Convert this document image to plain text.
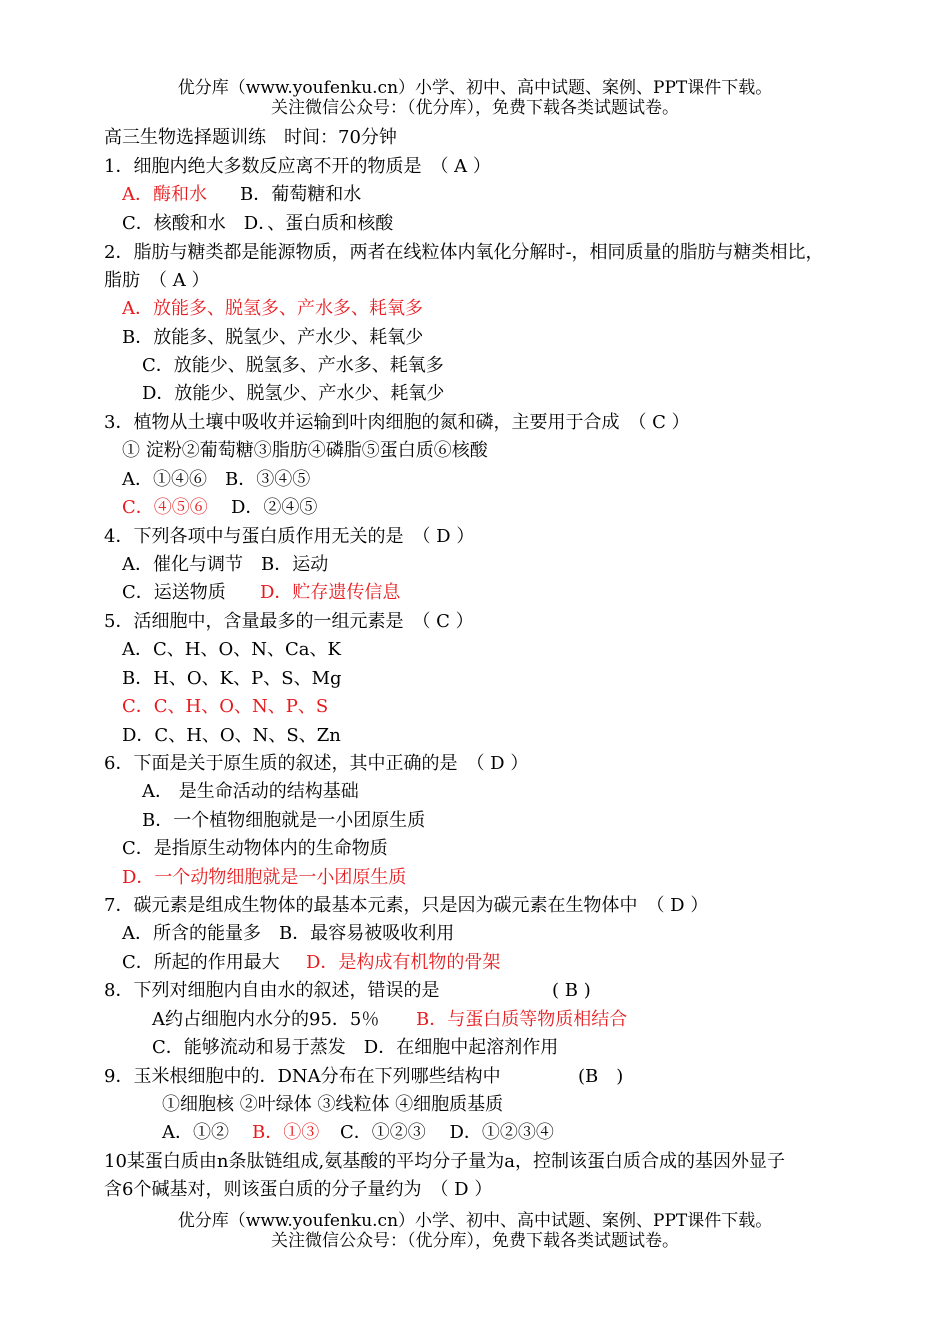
优分库（www.youfenku.cn）小学、初中、高中试题、案例、PPT课件下载。
关注微信公众号：（优分库），免费下载各类试题试卷。
高三生物选择题训练　时间：70分钟
1．细胞内绝大多数反应离不开的物质是　（ A ）
A．酶和水 B．葡萄糖和水
C．核酸和水　D．、蛋白质和核酸
2．脂肪与糖类都是能源物质，两者在线粒体内氧化分解时-，相同质量的脂肪与糖类相比，
脂肪　（ A ）
A．放能多、脱氢多、产水多、耗氧多
B．放能多、脱氢少、产水少、耗氧少
C．放能少、脱氢多、产水多、耗氧多
D．放能少、脱氢少、产水少、耗氧少
3．植物从土壤中吸收并运输到叶肉细胞的氮和磷，主要用于合成　（ C ）
① 淀粉②葡萄糖③脂肪④磷脂⑤蛋白质⑥核酸
A．①④⑥　B．③④⑤
C．④⑤⑥ D．②④⑤
4．下列各项中与蛋白质作用无关的是　（ D ）
A．催化与调节　B．运动
C．运送物质 D．贮存遗传信息
5．活细胞中，含量最多的一组元素是　（ C ）
A．C、H、O、N、Ca、K
B．H、O、K、P、S、Mg
C．C、H、O、N、P、S
D．C、H、O、N、S、Zn
6．下面是关于原生质的叙述，其中正确的是　（ D ）
A． 是生命活动的结构基础
B．一个植物细胞就是一小团原生质
C．是指原生动物体内的生命物质
D．一个动物细胞就是一小团原生质
7．碳元素是组成生物体的最基本元素，只是因为碳元素在生物体中　（ D ）
A．所含的能量多　B．最容易被吸收利用
C．所起的作用最大 D．是构成有机物的骨架
8．下列对细胞内自由水的叙述，错误的是	( B )
A约占细胞内水分的95．5％ B．与蛋白质等物质相结合
C．能够流动和易于蒸发　D．在细胞中起溶剂作用
9．玉米根细胞中的．DNA分布在下列哪些结构中	(B　)
①细胞核 ②叶绿体 ③线粒体 ④细胞质基质
A．①② B．①③ C．①②③　 D．①②③④
10某蛋白质由n条肽链组成,氨基酸的平均分子量为a，控制该蛋白质合成的基因外显子
含6个碱基对，则该蛋白质的分子量约为　（ D ）
优分库（www.youfenku.cn）小学、初中、高中试题、案例、PPT课件下载。
关注微信公众号：（优分库），免费下载各类试题试卷。
